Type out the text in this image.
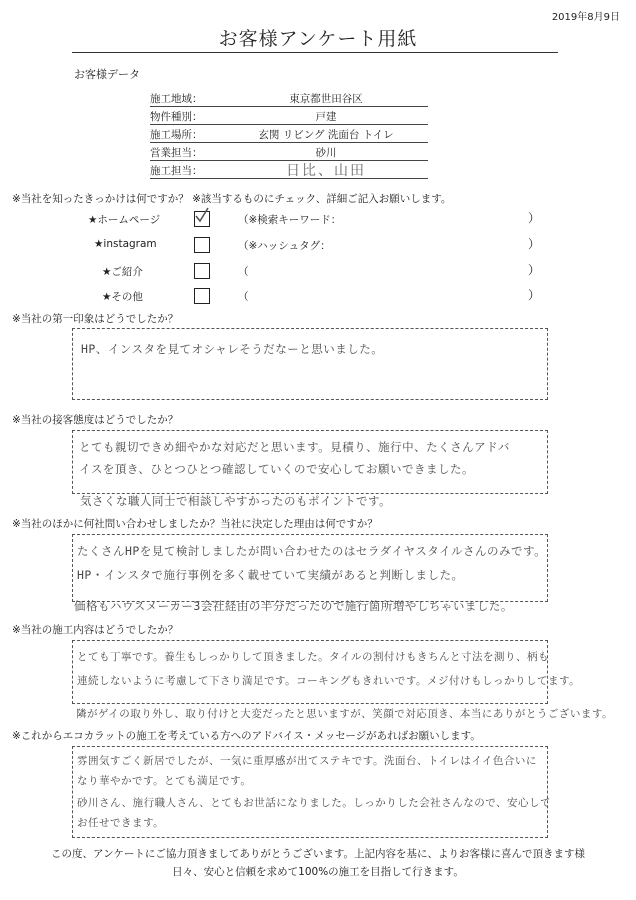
2019年8月9日
お客様アンケート用紙
お客様データ
施工地域：	東京都世田谷区
物件種別：	戸建
施工場所：	玄関 リビング 洗面台 トイレ
営業担当：	砂川
施工担当：	日比、山田
※当社を知ったきっかけは何ですか？ ※該当するものにチェック、詳細ご記入お願いします。
★ホームページ	（※検索キーワード：	）
★instagram	（※ハッシュタグ：	）
★ご紹介	（	）
★その他	（	）
※当社の第一印象はどうでしたか？
HP、インスタを見てオシャレそうだなーと思いました。
※当社の接客態度はどうでしたか？
とても親切できめ細やかな対応だと思います。見積り、施行中、たくさんアドバ
イスを頂き、ひとつひとつ確認していくので安心してお願いできました。
気さくな職人同士で相談しやすかったのもポイントです。
※当社のほかに何社問い合わせしましたか？当社に決定した理由は何ですか？
たくさんHPを見て検討しましたが問い合わせたのはセラダイヤスタイルさんのみです。
HP・インスタで施行事例を多く載せていて実績があると判断しました。
価格もハウスメーカー3会社経由の半分だったので施行箇所増やしちゃいました。
※当社の施工内容はどうでしたか？
とても丁寧です。養生もしっかりして頂きました。タイルの割付けもきちんと寸法を測り、柄も
連続しないように考慮して下さり満足です。コーキングもきれいです。メジ付けもしっかりしてます。
隣がゲイの取り外し、取り付けと大変だったと思いますが、笑顔で対応頂き、本当にありがとうございます。
※これからエコカラットの施工を考えている方へのアドバイス・メッセージがあればお願いします。
雰囲気すごく新居でしたが、一気に重厚感が出てステキです。洗面台、トイレはイイ色合いに
なり華やかです。とても満足です。
砂川さん、施行職人さん、とてもお世話になりました。しっかりした会社さんなので、安心して
お任せできます。
この度、アンケートにご協力頂きましてありがとうございます。上記内容を基に、よりお客様に喜んで頂きます様
日々、安心と信頼を求めて100%の施工を目指して行きます。
